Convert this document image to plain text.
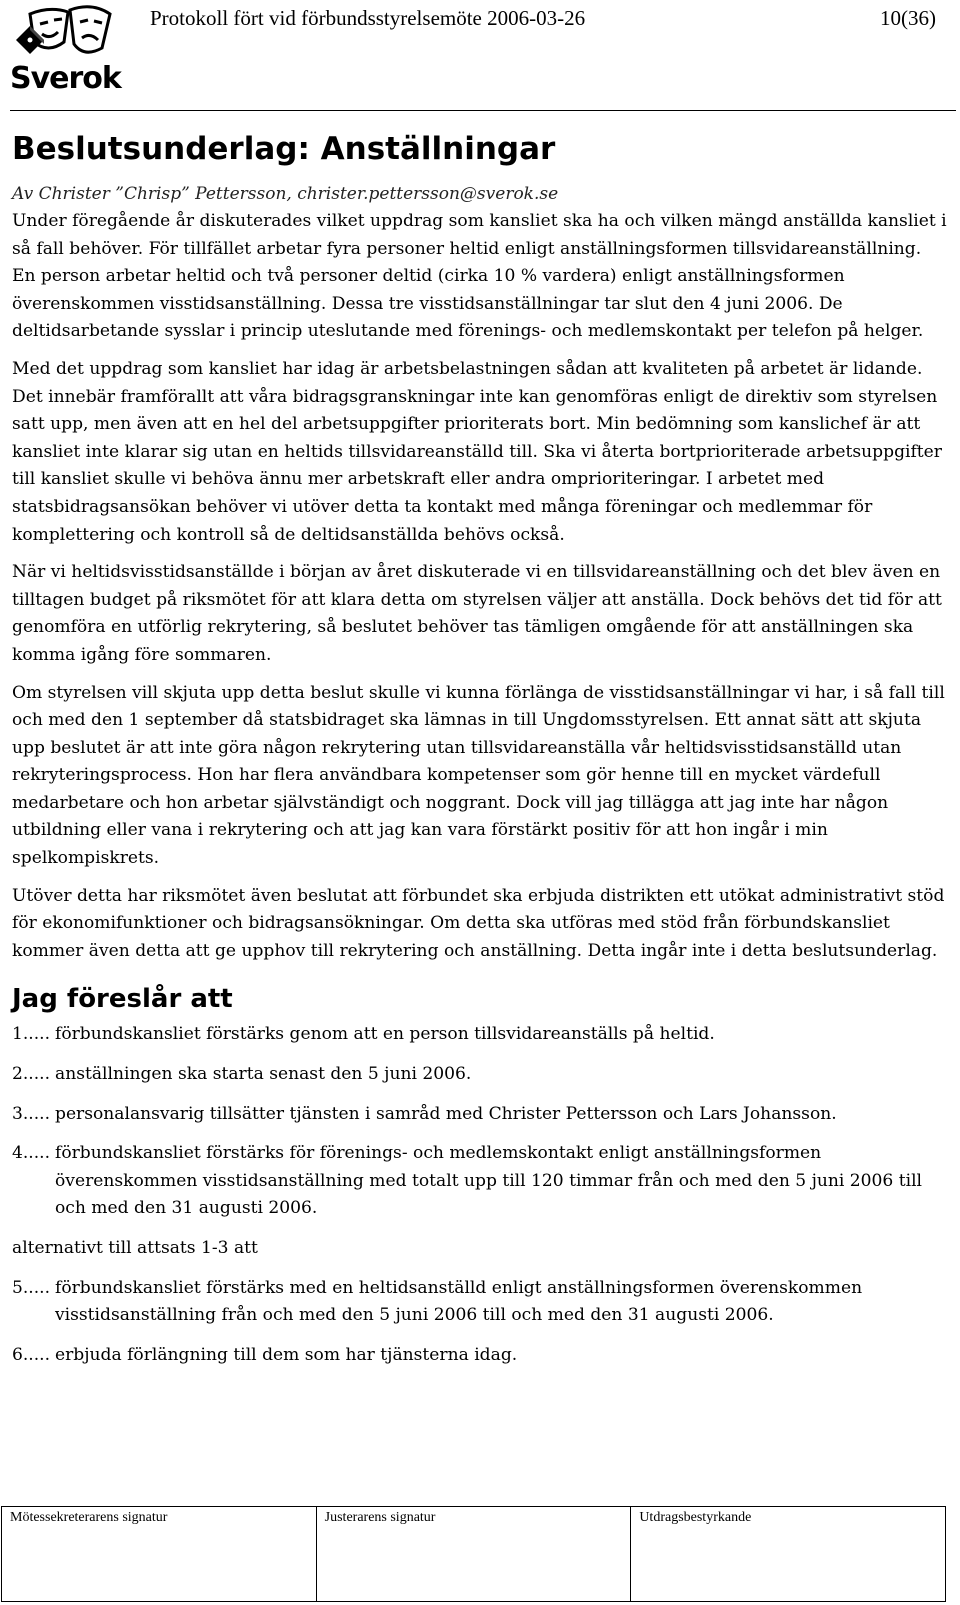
Sverok
Protokoll fört vid förbundsstyrelsemöte 2006-03-26	10(36)
Beslutsunderlag: Anställningar
Av Christer ”Chrisp” Pettersson, christer.pettersson@sverok.se

Under föregående år diskuterades vilket uppdrag som kansliet ska ha och vilken mängd anställda kansliet i så fall behöver. För tillfället arbetar fyra personer heltid enligt anställningsformen tillsvidareanställning. En person arbetar heltid och två personer deltid (cirka 10 % vardera) enligt anställningsformen överenskommen visstidsanställning. Dessa tre visstidsanställningar tar slut den 4 juni 2006. De deltidsarbetande sysslar i princip uteslutande med förenings- och medlemskontakt per telefon på helger.

Med det uppdrag som kansliet har idag är arbetsbelastningen sådan att kvaliteten på arbetet är lidande. Det innebär framförallt att våra bidragsgranskningar inte kan genomföras enligt de direktiv som styrelsen satt upp, men även att en hel del arbetsuppgifter prioriterats bort. Min bedömning som kanslichef är att kansliet inte klarar sig utan en heltids tillsvidareanställd till. Ska vi återta bortprioriterade arbetsuppgifter till kansliet skulle vi behöva ännu mer arbetskraft eller andra omprioriteringar. I arbetet med statsbidragsansökan behöver vi utöver detta ta kontakt med många föreningar och medlemmar för komplettering och kontroll så de deltidsanställda behövs också.

När vi heltidsvisstidsanställde i början av året diskuterade vi en tillsvidareanställning och det blev även en tilltagen budget på riksmötet för att klara detta om styrelsen väljer att anställa. Dock behövs det tid för att genomföra en utförlig rekrytering, så beslutet behöver tas tämligen omgående för att anställningen ska komma igång före sommaren.

Om styrelsen vill skjuta upp detta beslut skulle vi kunna förlänga de visstidsanställningar vi har, i så fall till och med den 1 september då statsbidraget ska lämnas in till Ungdomsstyrelsen. Ett annat sätt att skjuta upp beslutet är att inte göra någon rekrytering utan tillsvidareanställa vår heltidsvisstidsanställd utan rekryteringsprocess. Hon har flera användbara kompetenser som gör henne till en mycket värdefull medarbetare och hon arbetar självständigt och noggrant. Dock vill jag tillägga att jag inte har någon utbildning eller vana i rekrytering och att jag kan vara förstärkt positiv för att hon ingår i min spelkompiskrets.

Utöver detta har riksmötet även beslutat att förbundet ska erbjuda distrikten ett utökat administrativt stöd för ekonomifunktioner och bidragsansökningar. Om detta ska utföras med stöd från förbundskansliet kommer även detta att ge upphov till rekrytering och anställning. Detta ingår inte i detta beslutsunderlag.

Jag föreslår att
1..... förbundskansliet förstärks genom att en person tillsvidareanställs på heltid.
2..... anställningen ska starta senast den 5 juni 2006.
3..... personalansvarig tillsätter tjänsten i samråd med Christer Pettersson och Lars Johansson.
4..... förbundskansliet förstärks för förenings- och medlemskontakt enligt anställningsformen överenskommen visstidsanställning med totalt upp till 120 timmar från och med den 5 juni 2006 till och med den 31 augusti 2006.

alternativt till attsats 1-3 att

5..... förbundskansliet förstärks med en heltidsanställd enligt anställningsformen överenskommen visstidsanställning från och med den 5 juni 2006 till och med den 31 augusti 2006.
6..... erbjuda förlängning till dem som har tjänsterna idag.
Mötessekreterarens signatur	Justerarens signatur	Utdragsbestyrkande
